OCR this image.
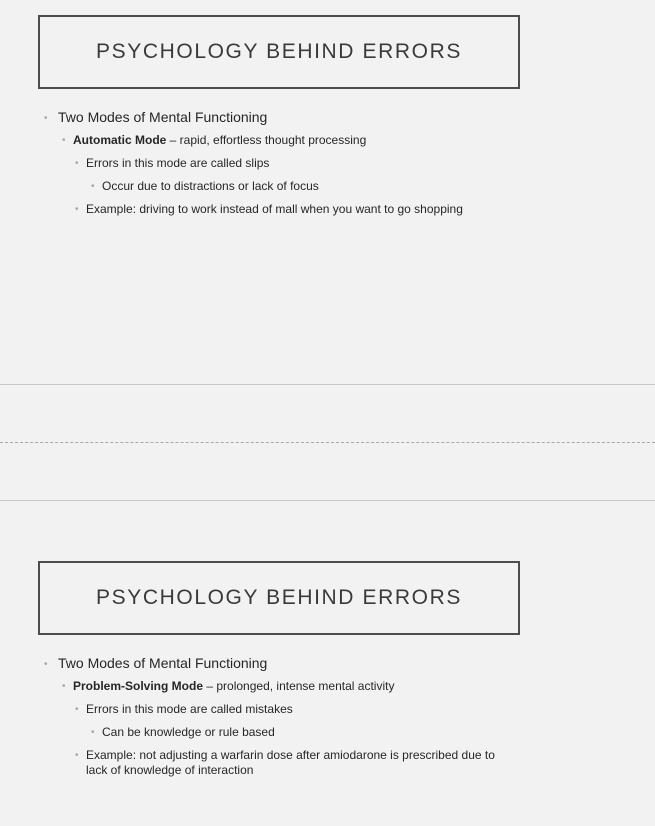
PSYCHOLOGY BEHIND ERRORS
• Two Modes of Mental Functioning
• Automatic Mode – rapid, effortless thought processing
• Errors in this mode are called slips
• Occur due to distractions or lack of focus
• Example: driving to work instead of mall when you want to go shopping
PSYCHOLOGY BEHIND ERRORS
• Two Modes of Mental Functioning
• Problem-Solving Mode – prolonged, intense mental activity
• Errors in this mode are called mistakes
• Can be knowledge or rule based
• Example: not adjusting a warfarin dose after amiodarone is prescribed due to lack of knowledge of interaction
